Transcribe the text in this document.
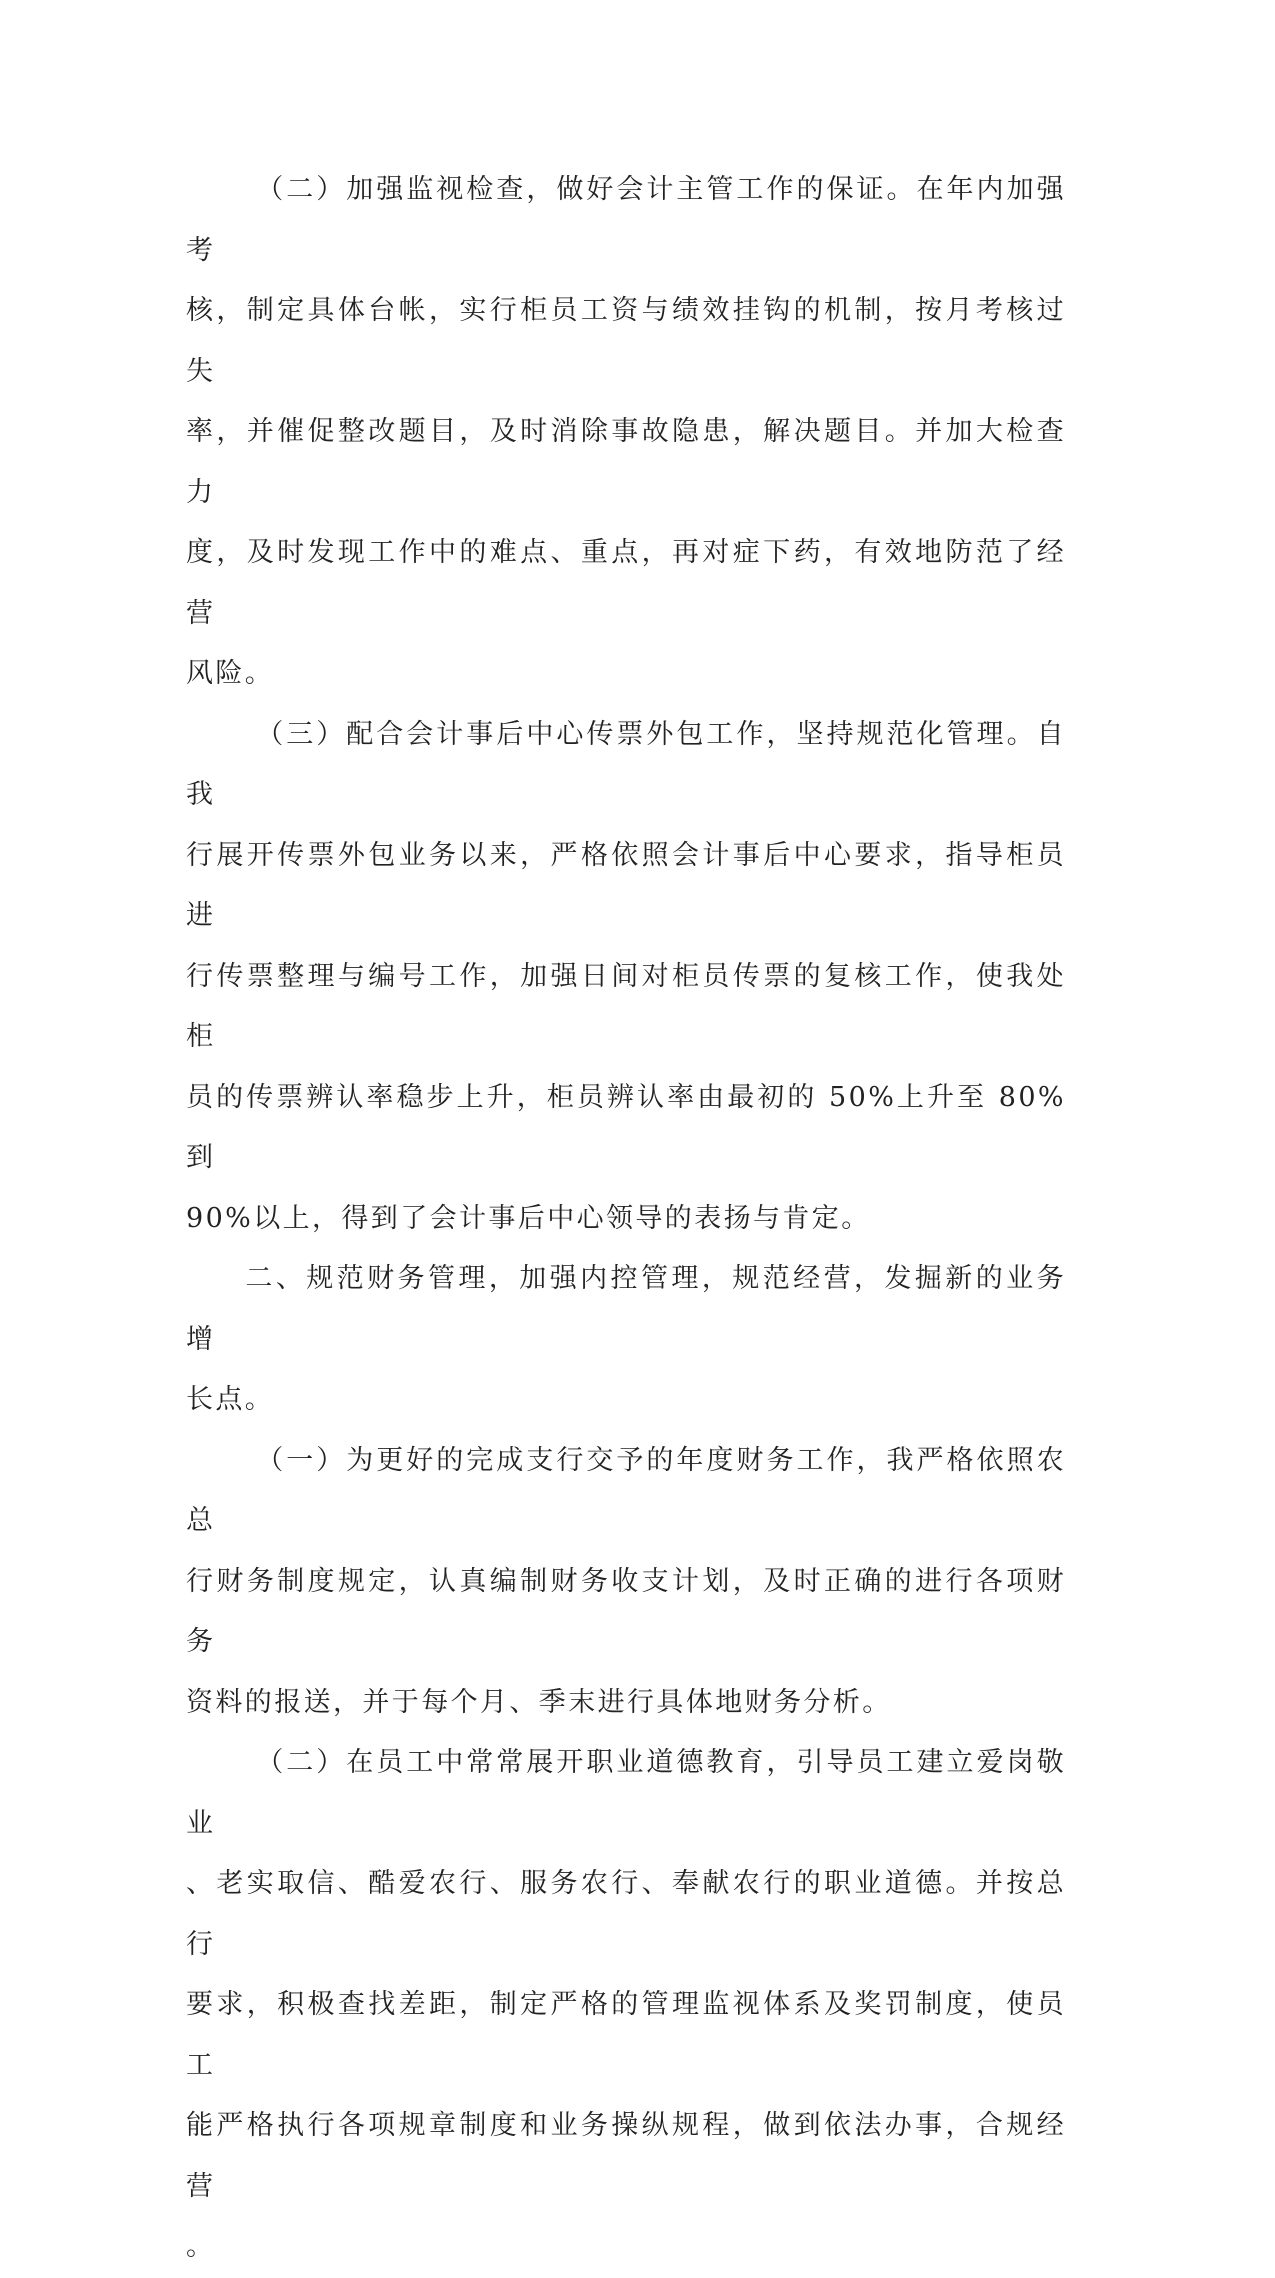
（二）加强监视检查，做好会计主管工作的保证。在年内加强考
核，制定具体台帐，实行柜员工资与绩效挂钩的机制，按月考核过失
率，并催促整改题目，及时消除事故隐患，解决题目。并加大检查力
度，及时发现工作中的难点、重点，再对症下药，有效地防范了经营
风险。

（三）配合会计事后中心传票外包工作，坚持规范化管理。自我
行展开传票外包业务以来，严格依照会计事后中心要求，指导柜员进
行传票整理与编号工作，加强日间对柜员传票的复核工作，使我处柜
员的传票辨认率稳步上升，柜员辨认率由最初的 50%上升至 80%到
90%以上，得到了会计事后中心领导的表扬与肯定。

二、规范财务管理，加强内控管理，规范经营，发掘新的业务增
长点。

（一）为更好的完成支行交予的年度财务工作，我严格依照农总
行财务制度规定，认真编制财务收支计划，及时正确的进行各项财务
资料的报送，并于每个月、季末进行具体地财务分析。

（二）在员工中常常展开职业道德教育，引导员工建立爱岗敬业
、老实取信、酷爱农行、服务农行、奉献农行的职业道德。并按总行
要求，积极查找差距，制定严格的管理监视体系及奖罚制度，使员工
能严格执行各项规章制度和业务操纵规程，做到依法办事，合规经营
。
